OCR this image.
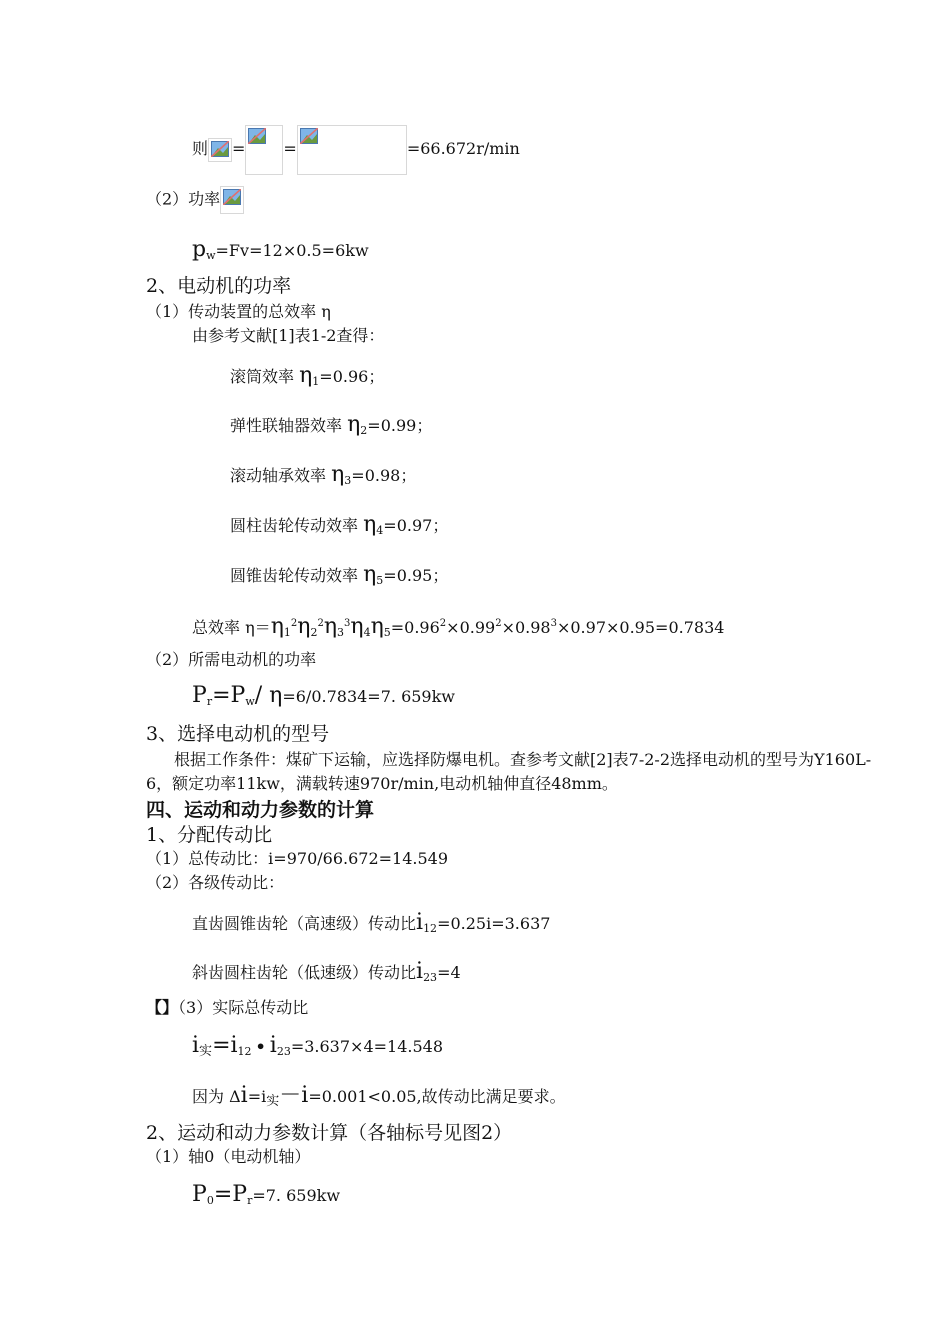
则 = =	=66.672r/min
（2）功率
$p_w=Fv=12\times 0.5=6kw$
2、电动机的功率
（1）传动装置的总效率 η
由参考文献[1]表1-2查得：
滚筒效率 $\eta_1=0.96$；
弹性联轴器效率 $\eta_2=0.99$；
滚动轴承效率 $\eta_3=0.98$；
圆柱齿轮传动效率 $\eta_4=0.97$；
圆锥齿轮传动效率 $\eta_5=0.95$；
总效率 $\eta=\eta_1^2\eta_2^2\eta_3^3\eta_4\eta_5=0.96^2\times 0.99^2\times 0.98^3\times 0.97\times 0.95=0.7834$
（2）所需电动机的功率
$P_r=P_w/$ η=6/0.7834=7. 659kw
3、选择电动机的型号
根据工作条件：煤矿下运输，应选择防爆电机。查参考文献[2]表7-2-2选择电动机的型号为Y160L-6，额定功率11kw，满载转速970r/min,电动机轴伸直径48mm。
四、运动和动力参数的计算
1、分配传动比
（1）总传动比：i=970/66.672=14.549
（2）各级传动比：
直齿圆锥齿轮（高速级）传动比$i_{12}=0.25i=3.637$
斜齿圆柱齿轮（低速级）传动比$i_{23}=4$
【】（3）实际总传动比
$i_实=i_{12}$ • $i_{23}=3.637\times 4=14.548$
因为 $\Delta i=i_实-i=0.001<0.05$,故传动比满足要求。
2、运动和动力参数计算（各轴标号见图2）
（1）轴0（电动机轴）
$P_0=P_r=7$. 659kw
